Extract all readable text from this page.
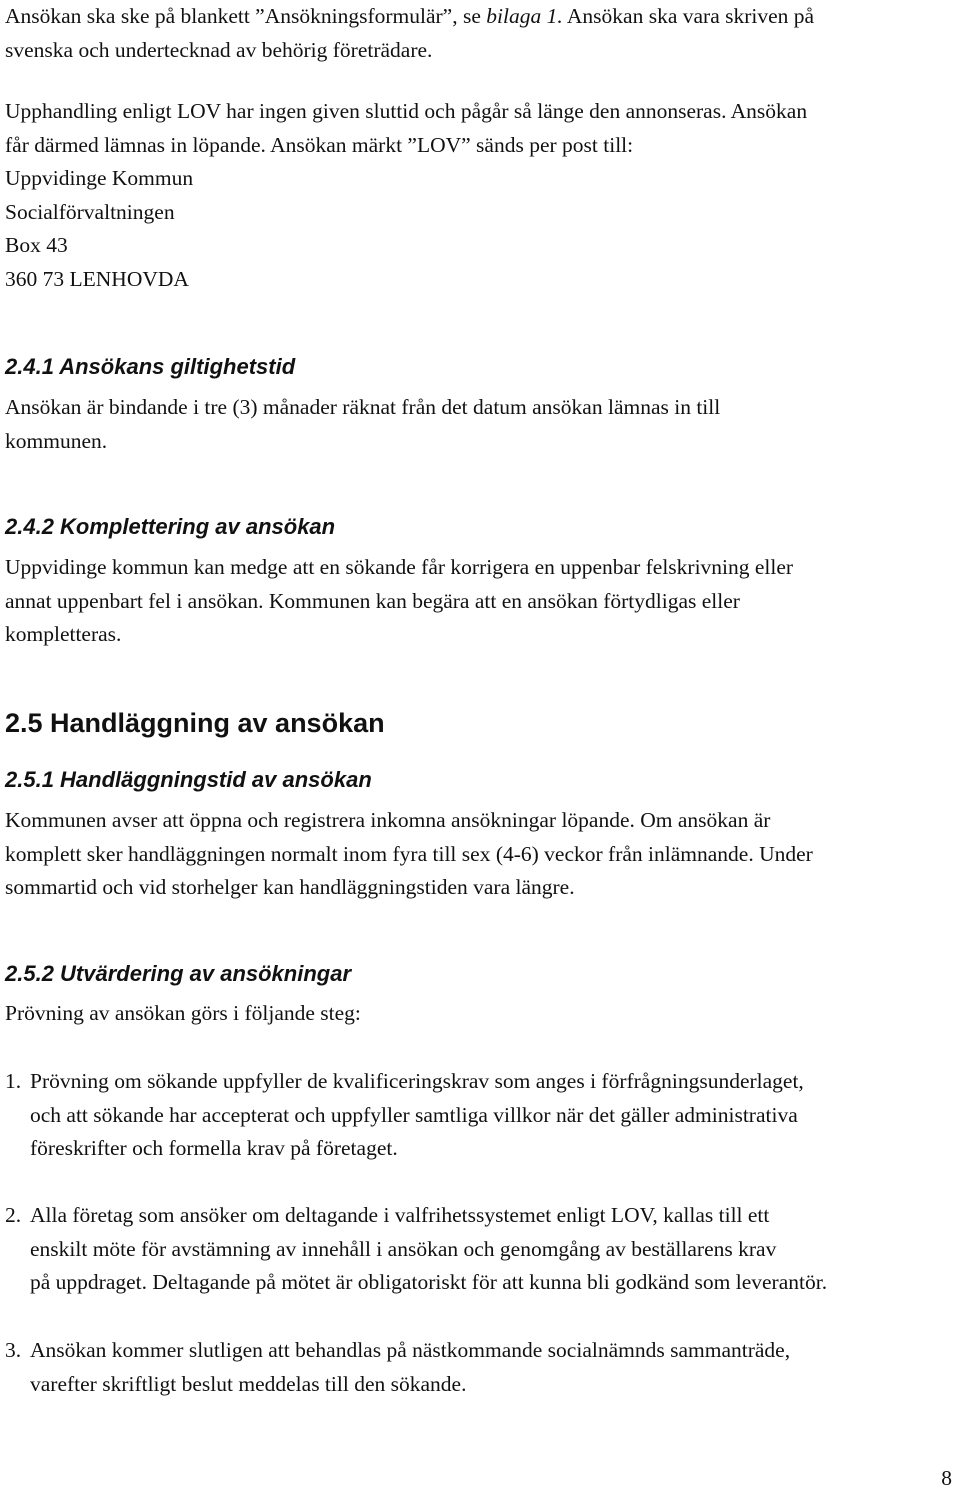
Ansökan ska ske på blankett ”Ansökningsformulär”, se bilaga 1. Ansökan ska vara skriven på
svenska och undertecknad av behörig företrädare.

Upphandling enligt LOV har ingen given sluttid och pågår så länge den annonseras. Ansökan
får därmed lämnas in löpande. Ansökan märkt ”LOV” sänds per post till:
Uppvidinge Kommun
Socialförvaltningen
Box 43
360 73 LENHOVDA

2.4.1 Ansökans giltighetstid

Ansökan är bindande i tre (3) månader räknat från det datum ansökan lämnas in till
kommunen.

2.4.2 Komplettering av ansökan

Uppvidinge kommun kan medge att en sökande får korrigera en uppenbar felskrivning eller
annat uppenbart fel i ansökan. Kommunen kan begära att en ansökan förtydligas eller
kompletteras.

2.5 Handläggning av ansökan
2.5.1 Handläggningstid av ansökan

Kommunen avser att öppna och registrera inkomna ansökningar löpande. Om ansökan är
komplett sker handläggningen normalt inom fyra till sex (4-6) veckor från inlämnande. Under
sommartid och vid storhelger kan handläggningstiden vara längre.

2.5.2 Utvärdering av ansökningar

Prövning av ansökan görs i följande steg:

1. Prövning om sökande uppfyller de kvalificeringskrav som anges i förfrågningsunderlaget,
och att sökande har accepterat och uppfyller samtliga villkor när det gäller administrativa
föreskrifter och formella krav på företaget.
2. Alla företag som ansöker om deltagande i valfrihetssystemet enligt LOV, kallas till ett
enskilt möte för avstämning av innehåll i ansökan och genomgång av beställarens krav
på uppdraget. Deltagande på mötet är obligatoriskt för att kunna bli godkänd som leverantör.
3. Ansökan kommer slutligen att behandlas på nästkommande socialnämnds sammanträde,
varefter skriftligt beslut meddelas till den sökande.
8
